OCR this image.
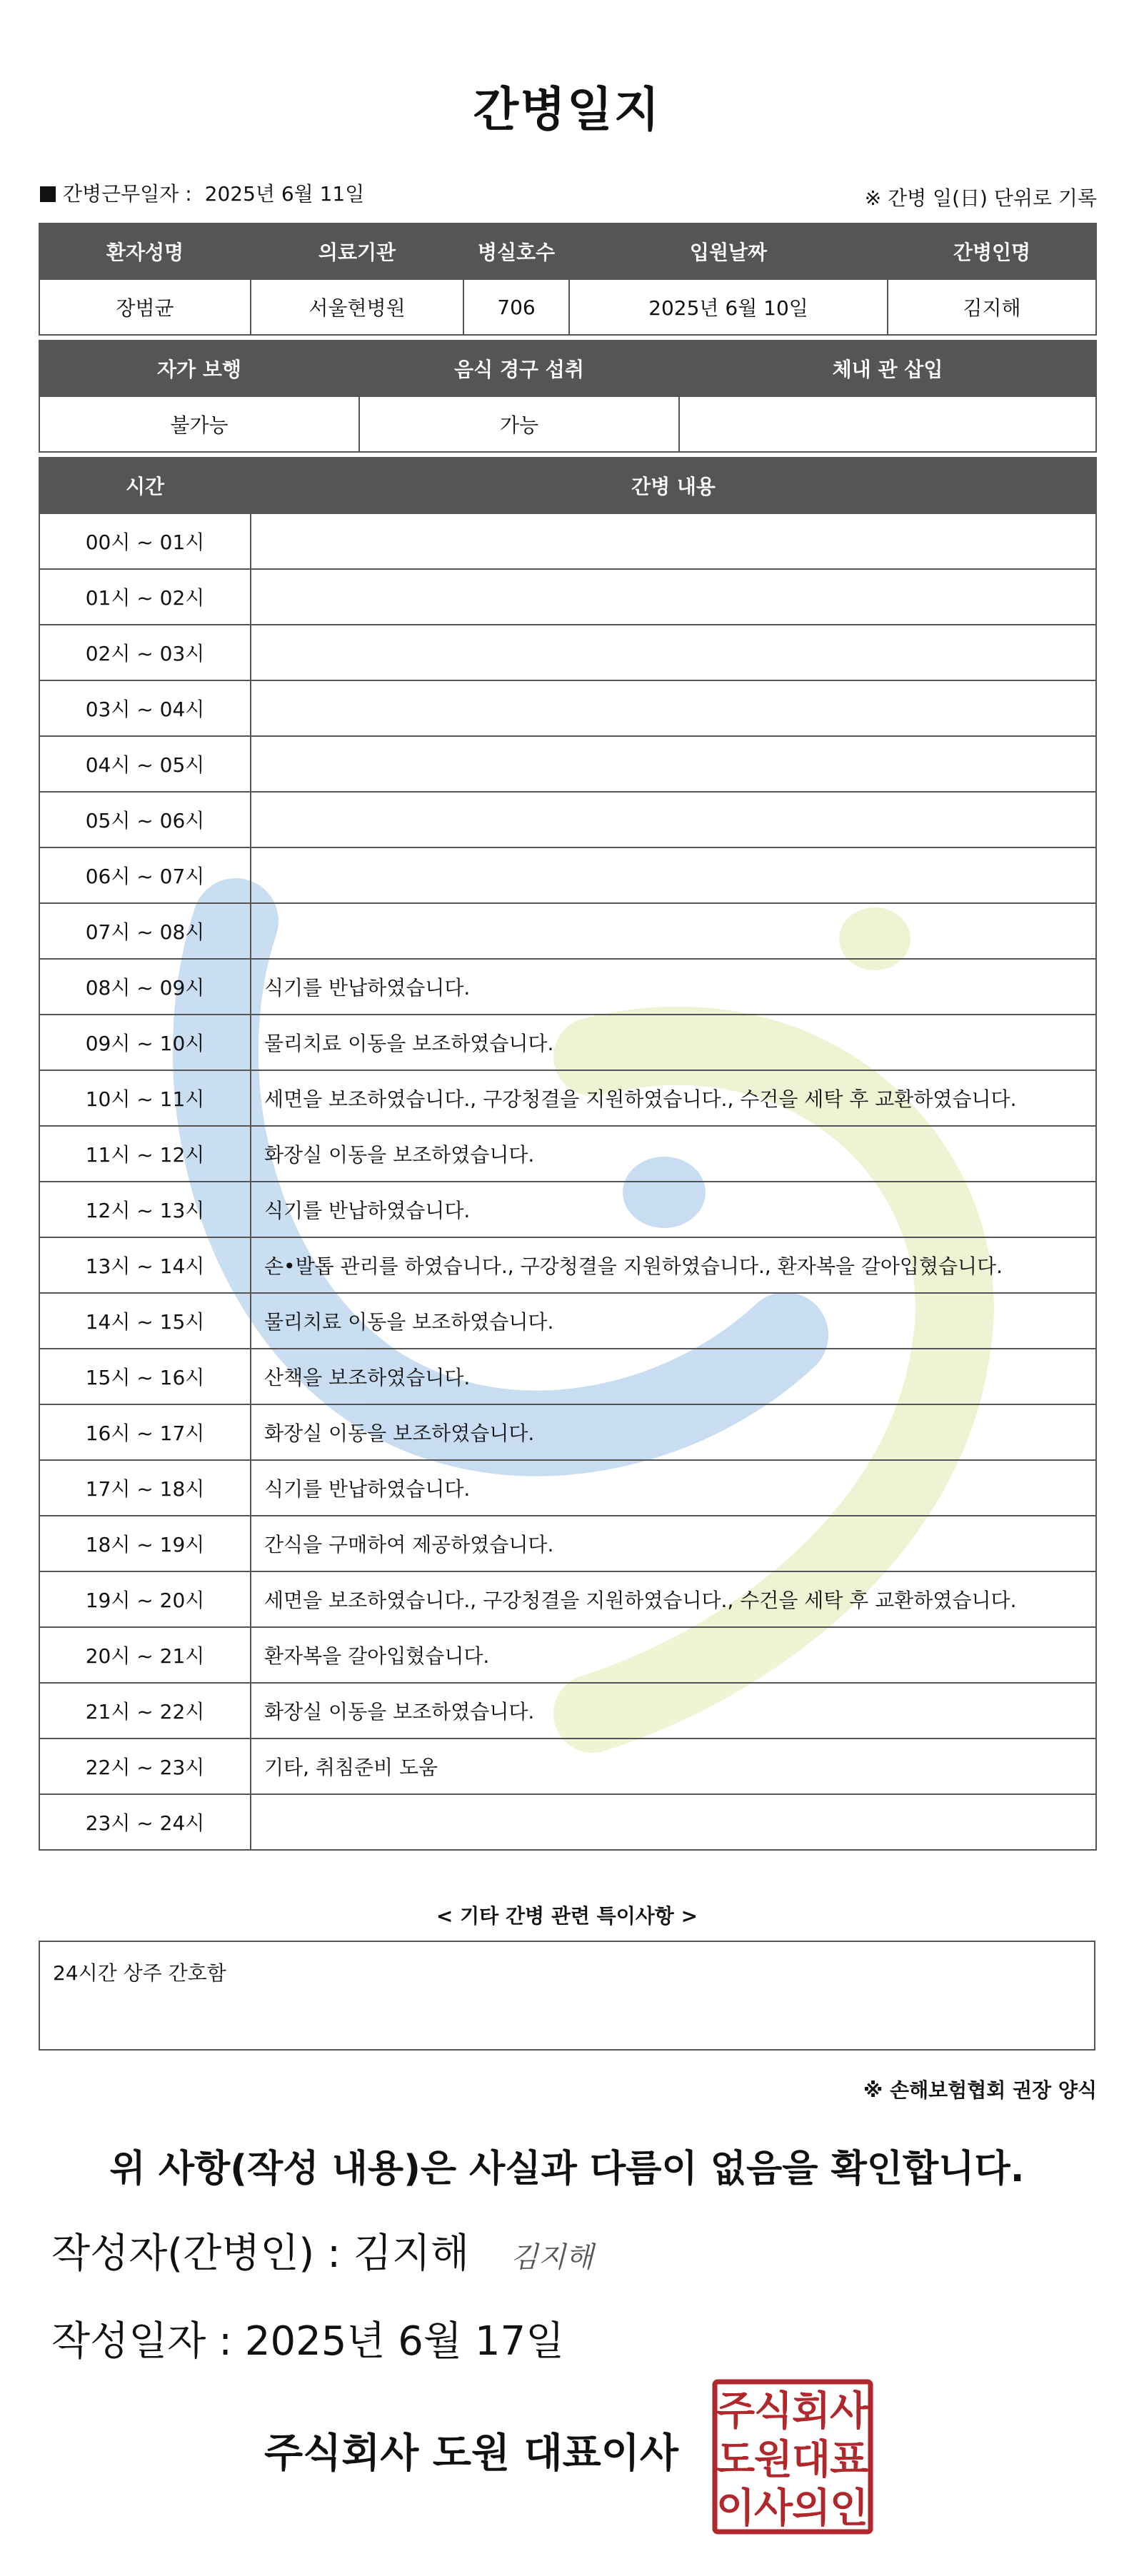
간병일지
간병근무일자 : 2025년 6월 11일	※ 간병 일(日) 단위로 기록
환자성명	의료기관	병실호수	입원날짜	간병인명
장범균	서울현병원	706	2025년 6월 10일	김지해
자가 보행	음식 경구 섭취	체내 관 삽입
불가능	가능	
시간	간병 내용
00시 ~ 01시	
01시 ~ 02시	
02시 ~ 03시	
03시 ~ 04시	
04시 ~ 05시	
05시 ~ 06시	
06시 ~ 07시	
07시 ~ 08시	
08시 ~ 09시	식기를 반납하였습니다.
09시 ~ 10시	물리치료 이동을 보조하였습니다.
10시 ~ 11시	세면을 보조하였습니다., 구강청결을 지원하였습니다., 수건을 세탁 후 교환하였습니다.
11시 ~ 12시	화장실 이동을 보조하였습니다.
12시 ~ 13시	식기를 반납하였습니다.
13시 ~ 14시	손•발톱 관리를 하였습니다., 구강청결을 지원하였습니다., 환자복을 갈아입혔습니다.
14시 ~ 15시	물리치료 이동을 보조하였습니다.
15시 ~ 16시	산책을 보조하였습니다.
16시 ~ 17시	화장실 이동을 보조하였습니다.
17시 ~ 18시	식기를 반납하였습니다.
18시 ~ 19시	간식을 구매하여 제공하였습니다.
19시 ~ 20시	세면을 보조하였습니다., 구강청결을 지원하였습니다., 수건을 세탁 후 교환하였습니다.
20시 ~ 21시	환자복을 갈아입혔습니다.
21시 ~ 22시	화장실 이동을 보조하였습니다.
22시 ~ 23시	기타, 취침준비 도움
23시 ~ 24시	
< 기타 간병 관련 특이사항 >
24시간 상주 간호함
※ 손해보험협회 권장 양식
위 사항(작성 내용)은 사실과 다름이 없음을 확인합니다.
작성자(간병인) : 김지해 김지해
작성일자 : 2025년 6월 17일
주식회사 도원 대표이사
주
식
회
사
도
원
대
표
이
사
의
인
